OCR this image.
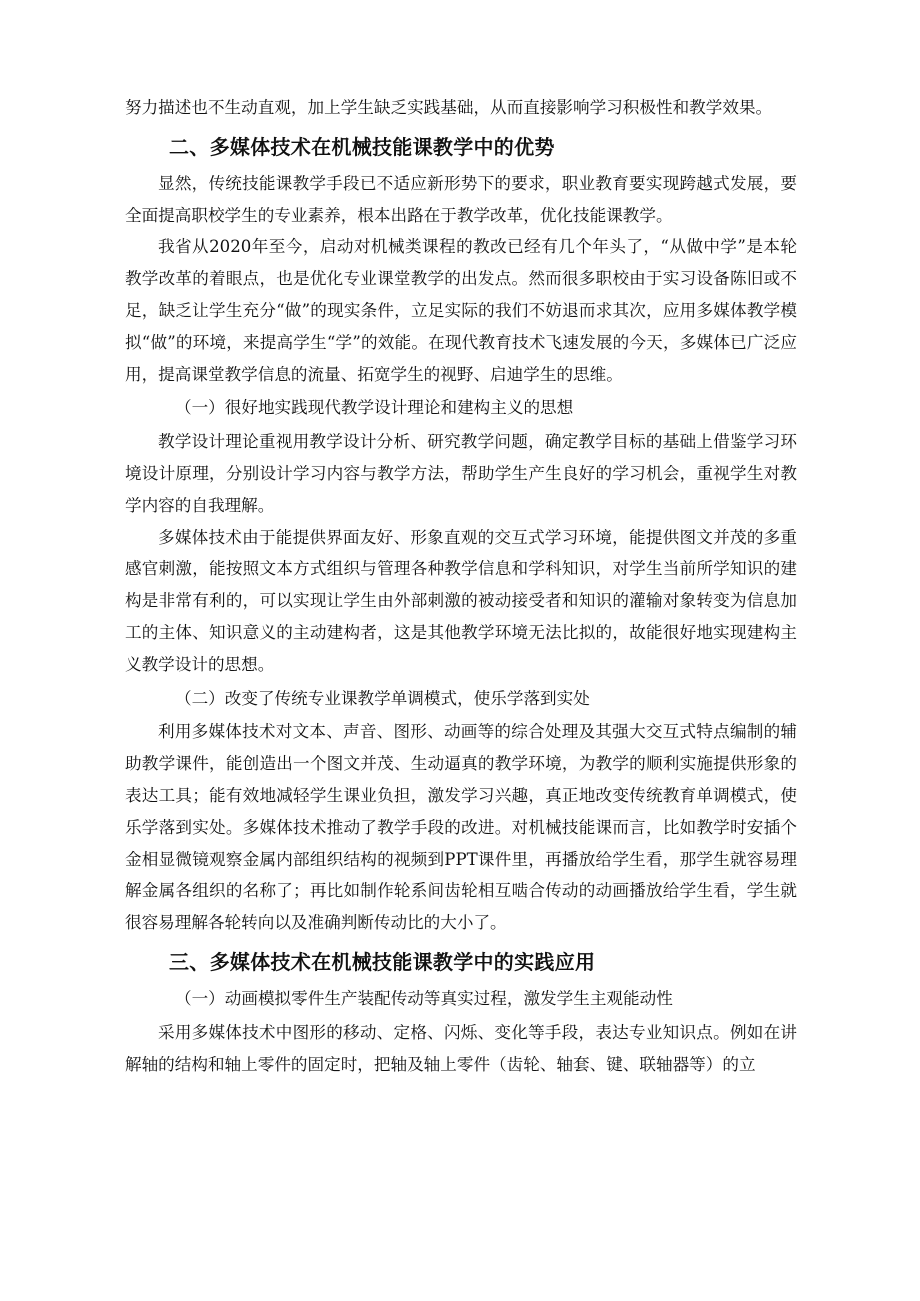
努力描述也不生动直观，加上学生缺乏实践基础，从而直接影响学习积极性和教学效果。

二、多媒体技术在机械技能课教学中的优势

显然，传统技能课教学手段已不适应新形势下的要求，职业教育要实现跨越式发展，要全面提高职校学生的专业素养，根本出路在于教学改革，优化技能课教学。

我省从2020年至今，启动对机械类课程的教改已经有几个年头了，“从做中学”是本轮教学改革的着眼点，也是优化专业课堂教学的出发点。然而很多职校由于实习设备陈旧或不足，缺乏让学生充分“做”的现实条件，立足实际的我们不妨退而求其次，应用多媒体教学模拟“做”的环境，来提高学生“学”的效能。在现代教育技术飞速发展的今天，多媒体已广泛应用，提高课堂教学信息的流量、拓宽学生的视野、启迪学生的思维。

（一）很好地实践现代教学设计理论和建构主义的思想

教学设计理论重视用教学设计分析、研究教学问题，确定教学目标的基础上借鉴学习环境设计原理，分别设计学习内容与教学方法，帮助学生产生良好的学习机会，重视学生对教学内容的自我理解。

多媒体技术由于能提供界面友好、形象直观的交互式学习环境，能提供图文并茂的多重感官刺激，能按照文本方式组织与管理各种教学信息和学科知识，对学生当前所学知识的建构是非常有利的，可以实现让学生由外部刺激的被动接受者和知识的灌输对象转变为信息加工的主体、知识意义的主动建构者，这是其他教学环境无法比拟的，故能很好地实现建构主义教学设计的思想。

（二）改变了传统专业课教学单调模式，使乐学落到实处

利用多媒体技术对文本、声音、图形、动画等的综合处理及其强大交互式特点编制的辅助教学课件，能创造出一个图文并茂、生动逼真的教学环境，为教学的顺利实施提供形象的表达工具；能有效地减轻学生课业负担，激发学习兴趣，真正地改变传统教育单调模式，使乐学落到实处。多媒体技术推动了教学手段的改进。对机械技能课而言，比如教学时安插个金相显微镜观察金属内部组织结构的视频到PPT课件里，再播放给学生看，那学生就容易理解金属各组织的名称了；再比如制作轮系间齿轮相互啮合传动的动画播放给学生看，学生就很容易理解各轮转向以及准确判断传动比的大小了。

三、多媒体技术在机械技能课教学中的实践应用
（一）动画模拟零件生产装配传动等真实过程，激发学生主观能动性

采用多媒体技术中图形的移动、定格、闪烁、变化等手段，表达专业知识点。例如在讲解轴的结构和轴上零件的固定时，把轴及轴上零件（齿轮、轴套、键、联轴器等）的立
